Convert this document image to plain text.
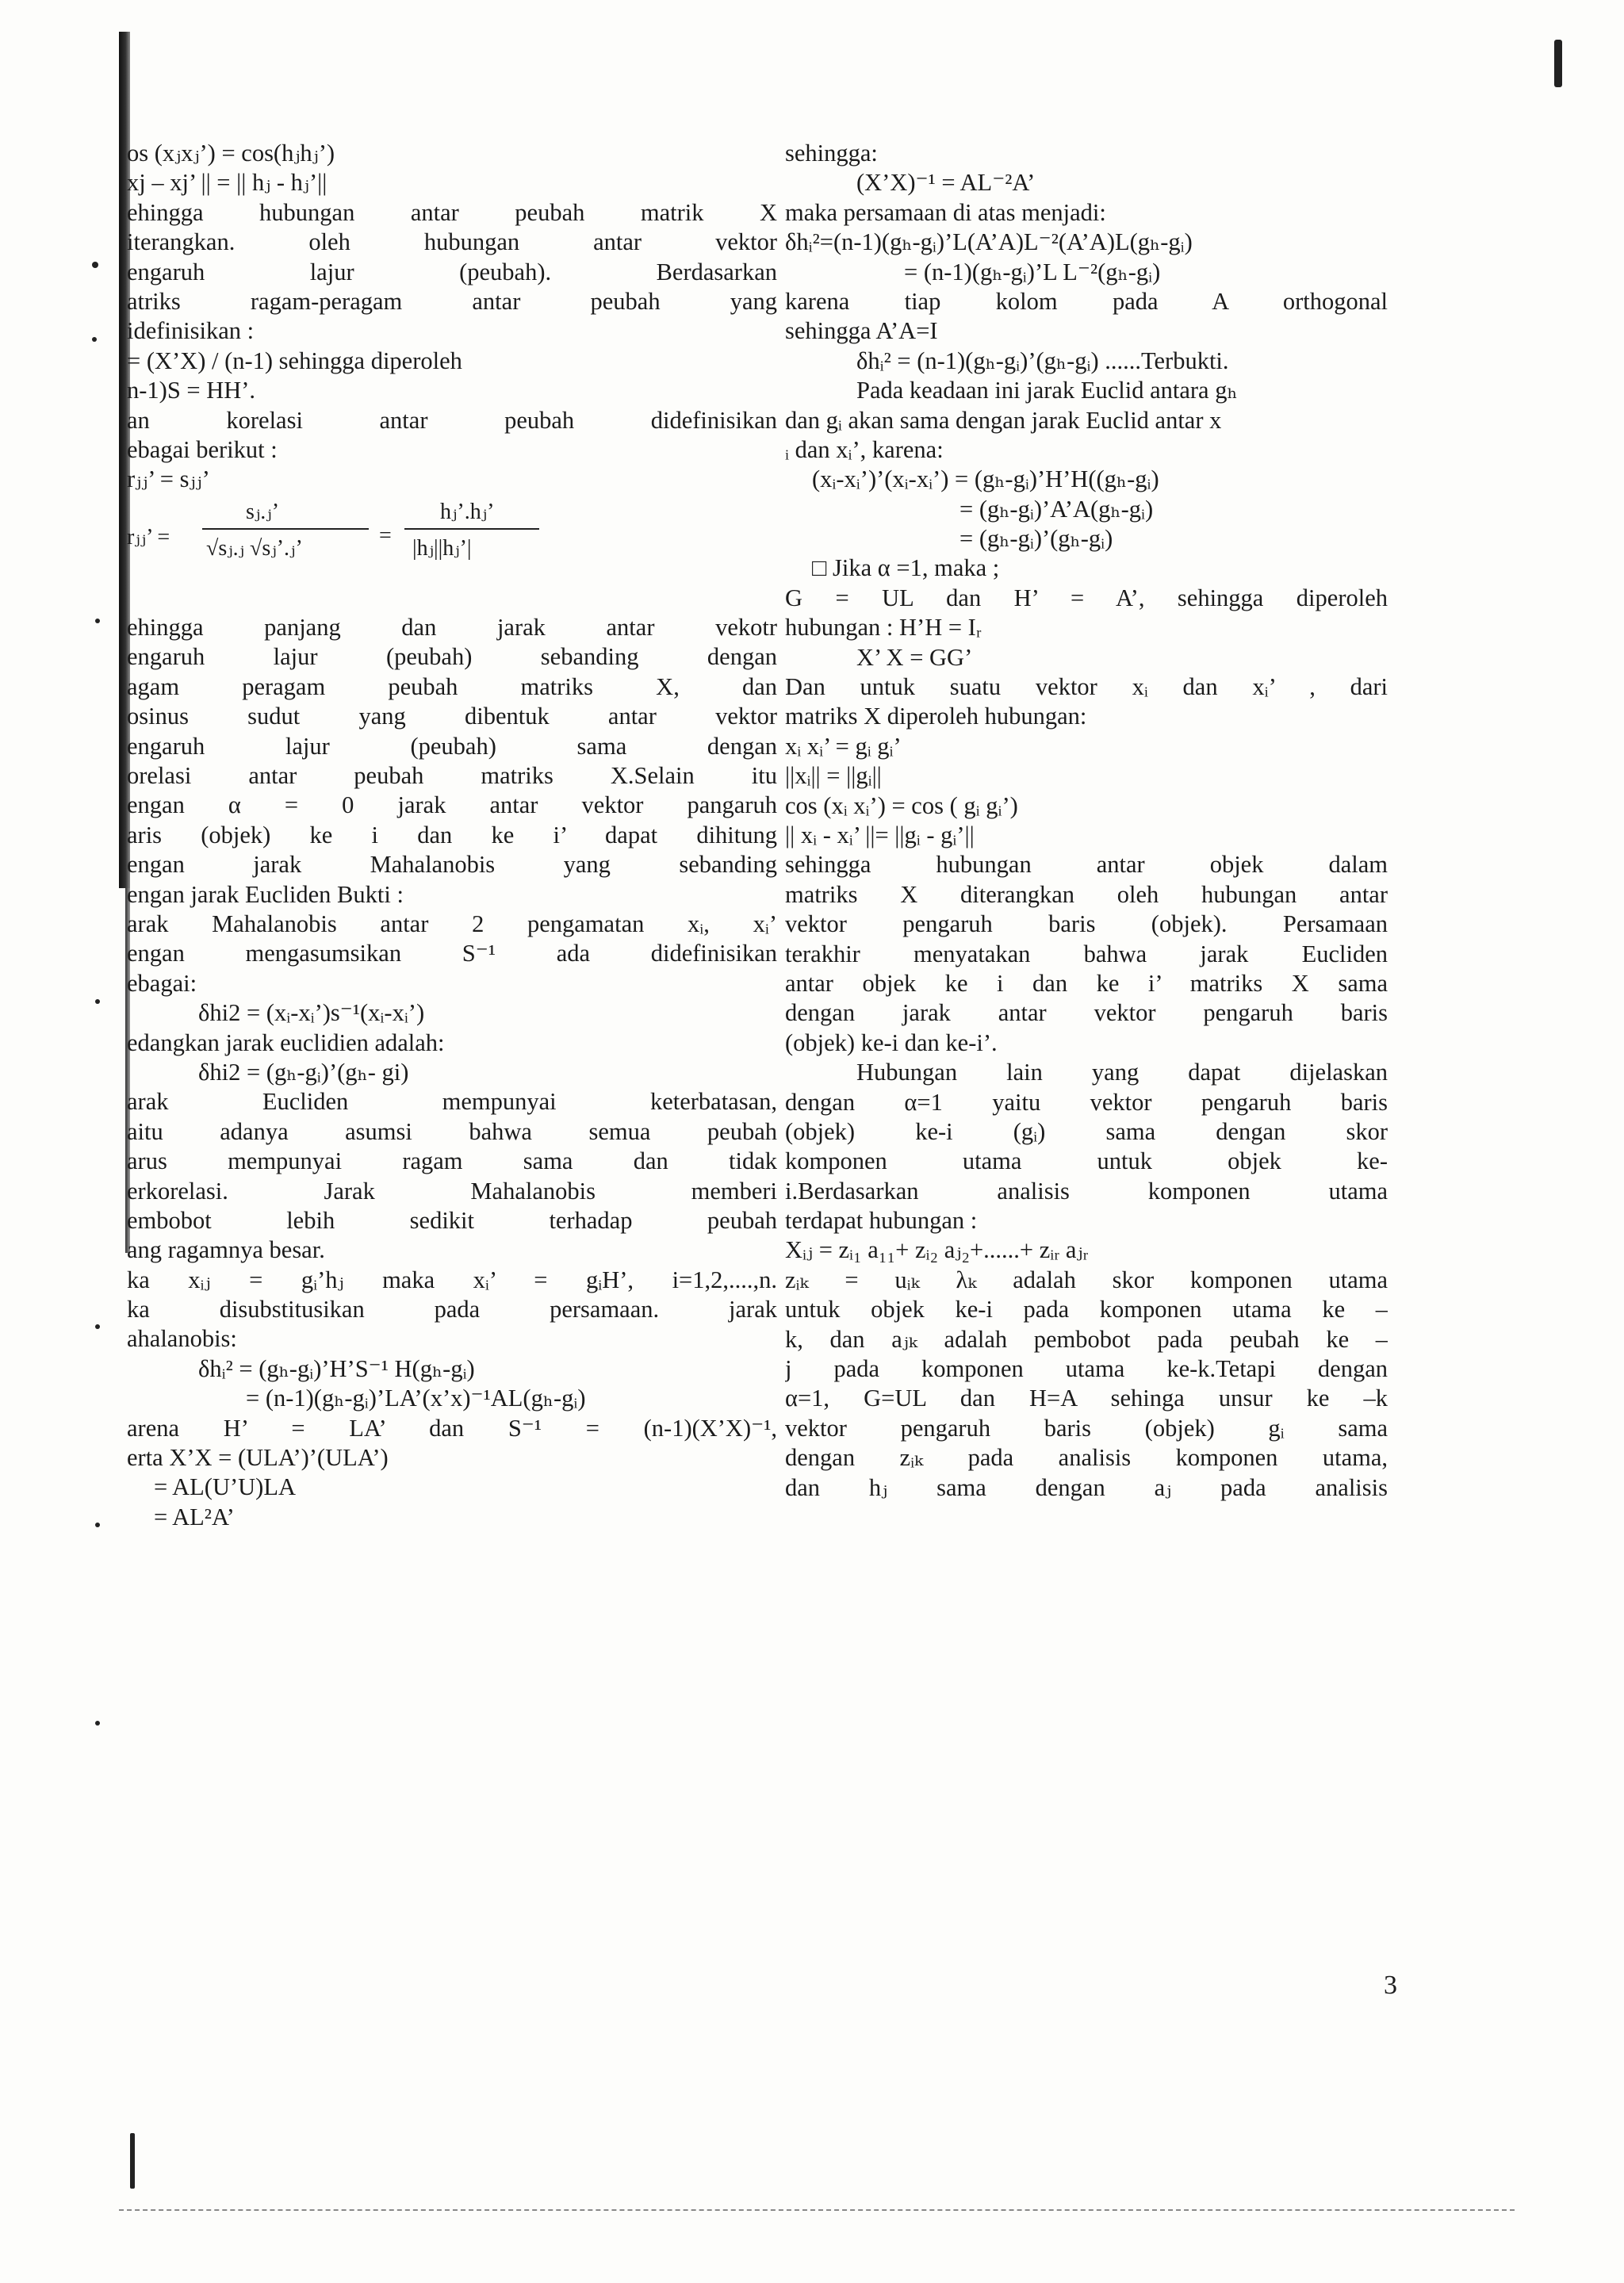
os (xⱼxⱼ’) = cos(hⱼhⱼ’)
xj – xj’ || = || hⱼ - hⱼ’||
ehingga hubungan antar peubah matrik X
iterangkan. oleh hubungan antar vektor
engaruh lajur (peubah). Berdasarkan
atriks ragam-peragam antar peubah yang
idefinisikan :
= (X’X) / (n-1) sehingga diperoleh
n-1)S = HH’.
an korelasi antar peubah didefinisikan
ebagai berikut :
rⱼⱼ’ = sⱼⱼ’
rⱼⱼ’ =
sⱼ.ⱼ’
√sⱼ.ⱼ √sⱼ’.ⱼ’
=
hⱼ’.hⱼ’
|hⱼ||hⱼ’|
ehingga panjang dan jarak antar vekotr
engaruh lajur (peubah) sebanding dengan
agam peragam peubah matriks X, dan
osinus sudut yang dibentuk antar vektor
engaruh lajur (peubah) sama dengan
orelasi antar peubah matriks X.Selain itu
engan α = 0 jarak antar vektor pangaruh
aris (objek) ke i dan ke i’ dapat dihitung
engan jarak Mahalanobis yang sebanding
engan jarak Eucliden Bukti :
arak Mahalanobis antar 2 pengamatan xᵢ, xᵢ’
engan mengasumsikan S⁻¹ ada didefinisikan
ebagai:
δhi2 = (xᵢ-xᵢ’)s⁻¹(xᵢ-xᵢ’)
edangkan jarak euclidien adalah:
δhi2 = (gₕ-gᵢ)’(gₕ- gi)
arak Eucliden mempunyai keterbatasan,
aitu adanya asumsi bahwa semua peubah
arus mempunyai ragam sama dan tidak
erkorelasi. Jarak Mahalanobis memberi
embobot lebih sedikit terhadap peubah
ang ragamnya besar.
ka xᵢⱼ = gᵢ’hⱼ maka xᵢ’ = gᵢH’, i=1,2,....,n.
ka disubstitusikan pada persamaan. jarak
ahalanobis:
δhᵢ² = (gₕ-gᵢ)’H’S⁻¹ H(gₕ-gᵢ)
= (n-1)(gₕ-gᵢ)’LA’(x’x)⁻¹AL(gₕ-gᵢ)
arena H’ = LA’ dan S⁻¹ = (n-1)(X’X)⁻¹,
erta X’X = (ULA’)’(ULA’)
= AL(U’U)LA
= AL²A’
sehingga:
(X’X)⁻¹ = AL⁻²A’
maka persamaan di atas menjadi:
δhᵢ²=(n-1)(gₕ-gᵢ)’L(A’A)L⁻²(A’A)L(gₕ-gᵢ)
= (n-1)(gₕ-gᵢ)’L L⁻²(gₕ-gᵢ)
karena tiap kolom pada A orthogonal
sehingga A’A=I
δhᵢ² = (n-1)(gₕ-gᵢ)’(gₕ-gᵢ) ......Terbukti.
Pada keadaan ini jarak Euclid antara gₕ
dan gᵢ akan sama dengan jarak Euclid antar x
ᵢ dan xᵢ’, karena:
(xᵢ-xᵢ’)’(xᵢ-xᵢ’) = (gₕ-gᵢ)’H’H((gₕ-gᵢ)
= (gₕ-gᵢ)’A’A(gₕ-gᵢ)
= (gₕ-gᵢ)’(gₕ-gᵢ)
□ Jika α =1, maka ;
G = UL dan H’ = A’, sehingga diperoleh
hubungan : H’H = Iᵣ
X’ X = GG’
Dan untuk suatu vektor xᵢ dan xᵢ’ , dari
matriks X diperoleh hubungan:
xᵢ xᵢ’ = gᵢ gᵢ’
||xᵢ|| = ||gᵢ||
cos (xᵢ xᵢ’) = cos ( gᵢ gᵢ’)
|| xᵢ - xᵢ’ ||= ||gᵢ - gᵢ’||
sehingga hubungan antar objek dalam
matriks X diterangkan oleh hubungan antar
vektor pengaruh baris (objek). Persamaan
terakhir menyatakan bahwa jarak Eucliden
antar objek ke i dan ke i’ matriks X sama
dengan jarak antar vektor pengaruh baris
(objek) ke-i dan ke-i’.
Hubungan lain yang dapat dijelaskan
dengan α=1 yaitu vektor pengaruh baris
(objek) ke-i (gᵢ) sama dengan skor
komponen utama untuk objek ke-
i.Berdasarkan analisis komponen utama
terdapat hubungan :
Xᵢⱼ = zᵢ₁ a₁₁+ zᵢ₂ aⱼ₂+......+ zᵢᵣ aⱼᵣ
zᵢₖ = uᵢₖ λₖ adalah skor komponen utama
untuk objek ke-i pada komponen utama ke –
k, dan aⱼₖ adalah pembobot pada peubah ke –
j pada komponen utama ke-k.Tetapi dengan
α=1, G=UL dan H=A sehinga unsur ke –k
vektor pengaruh baris (objek) gᵢ sama
dengan zᵢₖ pada analisis komponen utama,
dan hⱼ sama dengan aⱼ pada analisis
3
